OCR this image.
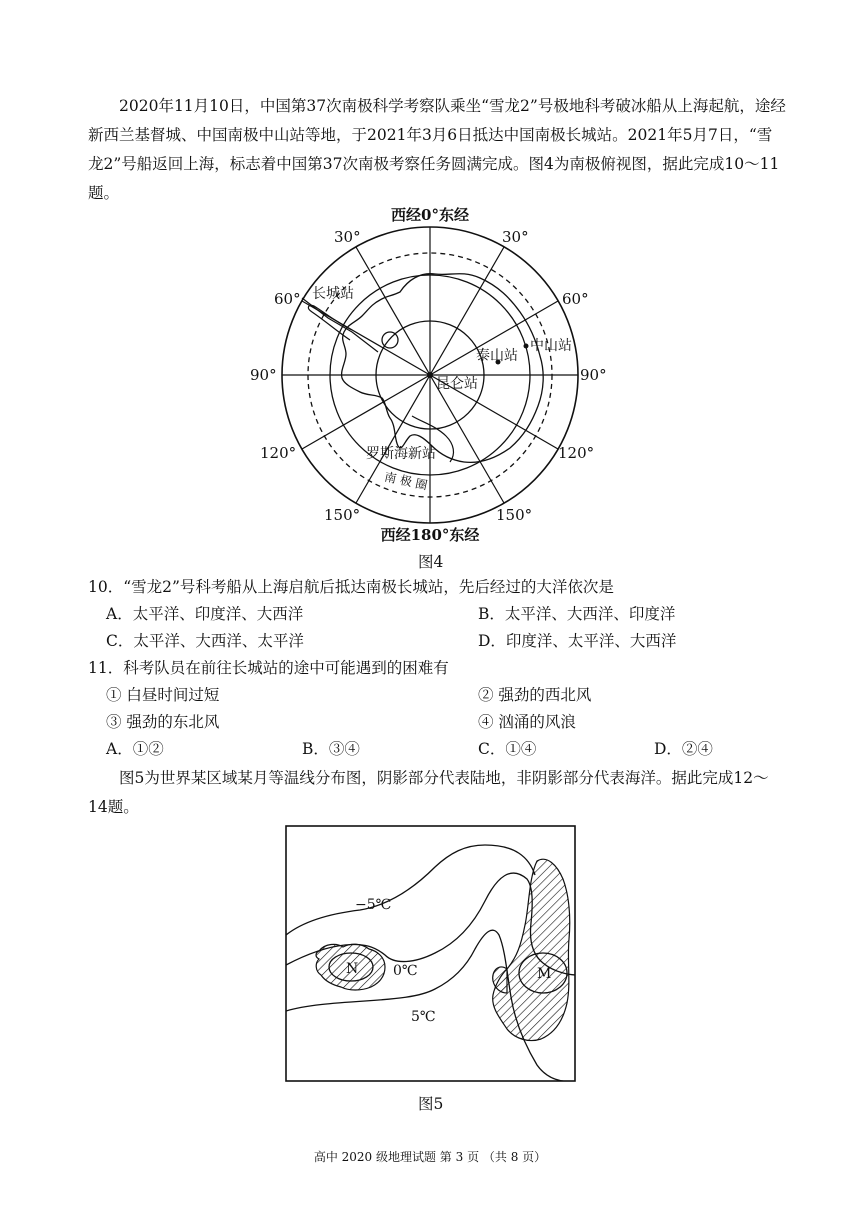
2020年11月10日，中国第37次南极科学考察队乘坐“雪龙2”号极地科考破冰船从上海起航，途经新西兰基督城、中国南极中山站等地，于2021年3月6日抵达中国南极长城站。2021年5月7日，“雪龙2”号船返回上海，标志着中国第37次南极考察任务圆满完成。图4为南极俯视图，据此完成10～11题。

西经0°东经
西经180°东经
30°	30°
60°	60°
90°	90°
120°	120°
150°	150°
长城站
中山站
泰山站
昆仑站
罗斯海新站
南 极 圈
图4
10．“雪龙2”号科考船从上海启航后抵达南极长城站，先后经过的大洋依次是
A．太平洋、印度洋、大西洋	B．太平洋、大西洋、印度洋
C．太平洋、大西洋、太平洋	D．印度洋、太平洋、大西洋
11．科考队员在前往长城站的途中可能遇到的困难有
① 白昼时间过短	② 强劲的西北风
③ 强劲的东北风	④ 汹涌的风浪
A．①②	B．③④	C．①④	D．②④

图5为世界某区域某月等温线分布图，阴影部分代表陆地，非阴影部分代表海洋。据此完成12～14题。

−5℃
0℃
5℃
N	M
图5
高中 2020 级地理试题 第 3 页 （共 8 页）
